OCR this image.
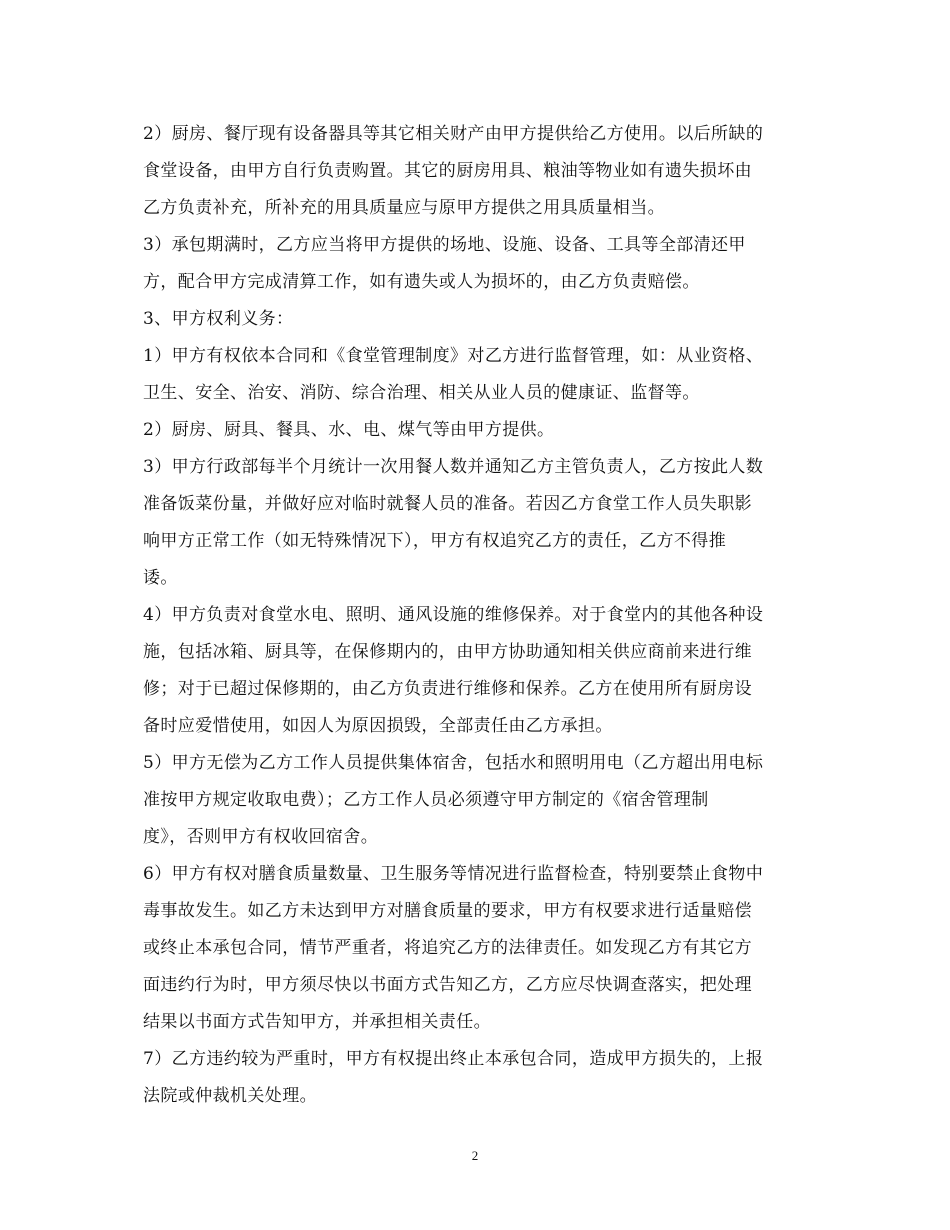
2）厨房、餐厅现有设备器具等其它相关财产由甲方提供给乙方使用。以后所缺的
食堂设备，由甲方自行负责购置。其它的厨房用具、粮油等物业如有遗失损坏由
乙方负责补充，所补充的用具质量应与原甲方提供之用具质量相当。
3）承包期满时，乙方应当将甲方提供的场地、设施、设备、工具等全部清还甲
方，配合甲方完成清算工作，如有遗失或人为损坏的，由乙方负责赔偿。
3、甲方权利义务：
1）甲方有权依本合同和《食堂管理制度》对乙方进行监督管理，如：从业资格、
卫生、安全、治安、消防、综合治理、相关从业人员的健康证、监督等。
2）厨房、厨具、餐具、水、电、煤气等由甲方提供。
3）甲方行政部每半个月统计一次用餐人数并通知乙方主管负责人，乙方按此人数
准备饭菜份量，并做好应对临时就餐人员的准备。若因乙方食堂工作人员失职影
响甲方正常工作（如无特殊情况下），甲方有权追究乙方的责任，乙方不得推
诿。
4）甲方负责对食堂水电、照明、通风设施的维修保养。对于食堂内的其他各种设
施，包括冰箱、厨具等，在保修期内的，由甲方协助通知相关供应商前来进行维
修；对于已超过保修期的，由乙方负责进行维修和保养。乙方在使用所有厨房设
备时应爱惜使用，如因人为原因损毁，全部责任由乙方承担。
5）甲方无偿为乙方工作人员提供集体宿舍，包括水和照明用电（乙方超出用电标
准按甲方规定收取电费）；乙方工作人员必须遵守甲方制定的《宿舍管理制
度》，否则甲方有权收回宿舍。
6）甲方有权对膳食质量数量、卫生服务等情况进行监督检查，特别要禁止食物中
毒事故发生。如乙方未达到甲方对膳食质量的要求，甲方有权要求进行适量赔偿
或终止本承包合同，情节严重者，将追究乙方的法律责任。如发现乙方有其它方
面违约行为时，甲方须尽快以书面方式告知乙方，乙方应尽快调查落实，把处理
结果以书面方式告知甲方，并承担相关责任。
7）乙方违约较为严重时，甲方有权提出终止本承包合同，造成甲方损失的，上报
法院或仲裁机关处理。
2
